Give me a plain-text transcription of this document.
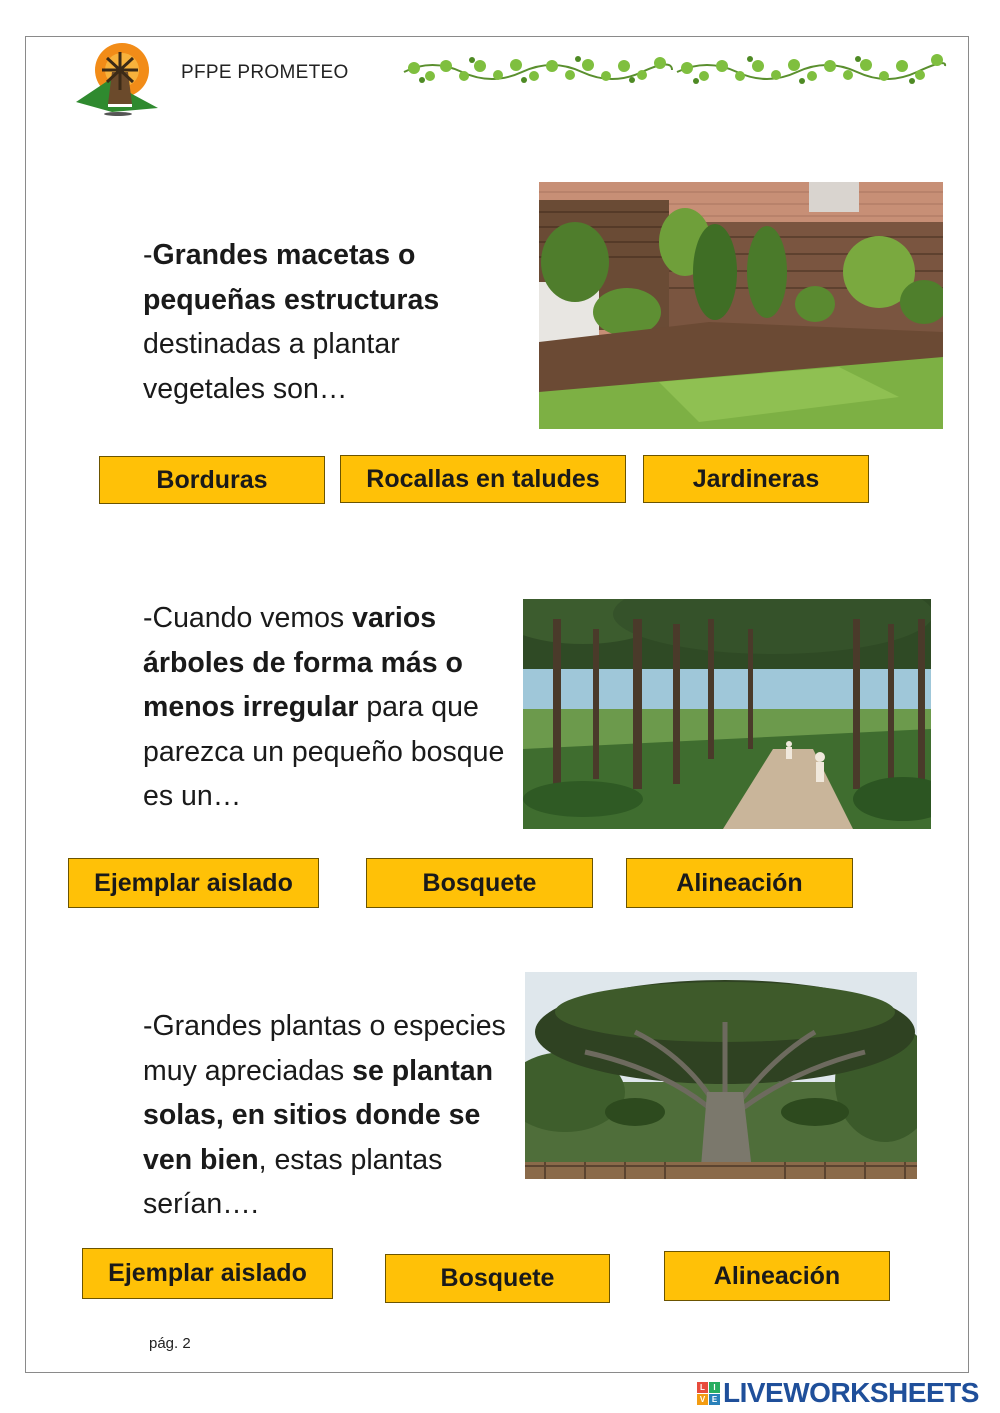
PFPE PROMETEO
-Grandes macetas o pequeñas estructuras destinadas a plantar vegetales son…
Borduras	Rocallas en taludes	Jardineras
-Cuando vemos varios árboles de forma más o menos irregular para que parezca un pequeño bosque es un…
Ejemplar aislado	Bosquete	Alineación
-Grandes plantas o especies muy apreciadas se plantan solas, en sitios donde se ven bien, estas plantas serían….
Ejemplar aislado	Bosquete	Alineación
pág. 2
L	I
V E LIVEWORKSHEETS
